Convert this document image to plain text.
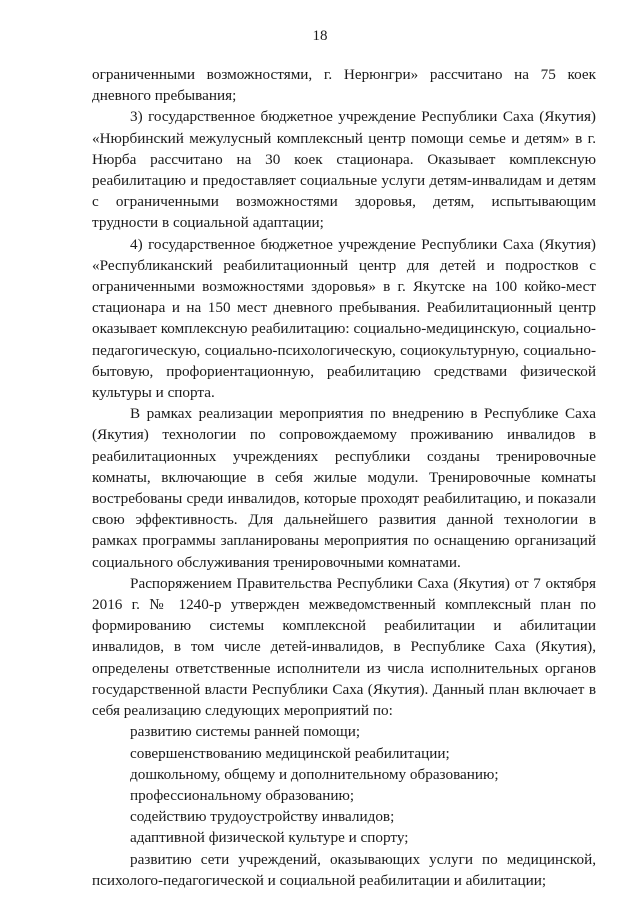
18

ограниченными возможностями, г. Нерюнгри» рассчитано на 75 коек дневного пребывания;

3) государственное бюджетное учреждение Республики Саха (Якутия) «Нюрбинский межулусный комплексный центр помощи семье и детям» в г. Нюрба рассчитано на 30 коек стационара. Оказывает комплексную реабилитацию и предоставляет социальные услуги детям-инвалидам и детям с ограниченными возможностями здоровья, детям, испытывающим трудности в социальной адаптации;

4) государственное бюджетное учреждение Республики Саха (Якутия) «Республиканский реабилитационный центр для детей и подростков с ограниченными возможностями здоровья» в г. Якутске на 100 койко-мест стационара и на 150 мест дневного пребывания. Реабилитационный центр оказывает комплексную реабилитацию: социально-медицинскую, социально-педагогическую, социально-психологическую, социокультурную, социально-бытовую, профориентационную, реабилитацию средствами физической культуры и спорта.

В рамках реализации мероприятия по внедрению в Республике Саха (Якутия) технологии по сопровождаемому проживанию инвалидов в реабилитационных учреждениях республики созданы тренировочные комнаты, включающие в себя жилые модули. Тренировочные комнаты востребованы среди инвалидов, которые проходят реабилитацию, и показали свою эффективность. Для дальнейшего развития данной технологии в рамках программы запланированы мероприятия по оснащению организаций социального обслуживания тренировочными комнатами.

Распоряжением Правительства Республики Саха (Якутия) от 7 октября 2016 г. № 1240-р утвержден межведомственный комплексный план по формированию системы комплексной реабилитации и абилитации инвалидов, в том числе детей-инвалидов, в Республике Саха (Якутия), определены ответственные исполнители из числа исполнительных органов государственной власти Республики Саха (Якутия). Данный план включает в себя реализацию следующих мероприятий по:

развитию системы ранней помощи;

совершенствованию медицинской реабилитации;

дошкольному, общему и дополнительному образованию;

профессиональному образованию;

содействию трудоустройству инвалидов;

адаптивной физической культуре и спорту;

развитию сети учреждений, оказывающих услуги по медицинской, психолого-педагогической и социальной реабилитации и абилитации;
